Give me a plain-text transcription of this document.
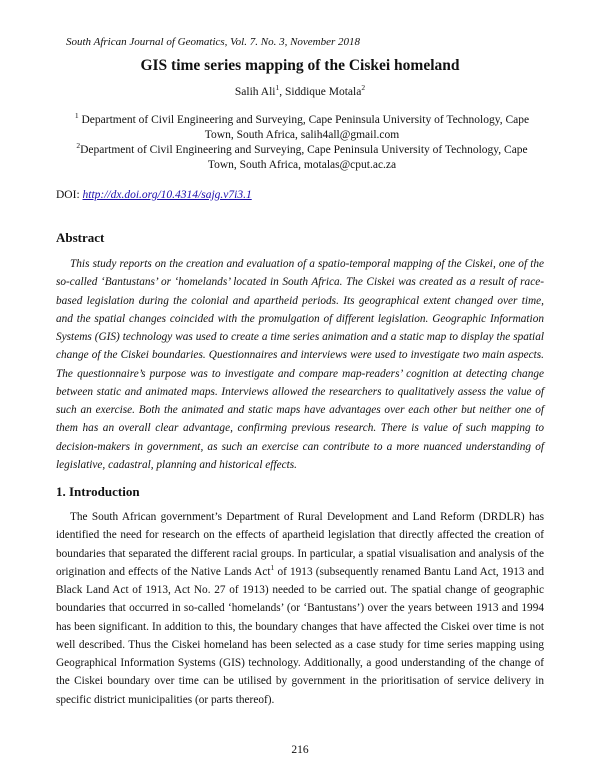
South African Journal of Geomatics, Vol. 7. No. 3, November 2018
GIS time series mapping of the Ciskei homeland
Salih Ali$^1$, Siddique Motala$^2$
$^1$ Department of Civil Engineering and Surveying, Cape Peninsula University of Technology, Cape Town, South Africa, salih4all@gmail.com
$^2$Department of Civil Engineering and Surveying, Cape Peninsula University of Technology, Cape Town, South Africa, motalas@cput.ac.za
DOI: http://dx.doi.org/10.4314/sajg.v7i3.1
Abstract

This study reports on the creation and evaluation of a spatio-temporal mapping of the Ciskei, one of the so-called ‘Bantustans’ or ‘homelands’ located in South Africa. The Ciskei was created as a result of race-based legislation during the colonial and apartheid periods. Its geographical extent changed over time, and the spatial changes coincided with the promulgation of different legislation. Geographic Information Systems (GIS) technology was used to create a time series animation and a static map to display the spatial change of the Ciskei boundaries. Questionnaires and interviews were used to investigate two main aspects. The questionnaire’s purpose was to investigate and compare map-readers’ cognition at detecting change between static and animated maps. Interviews allowed the researchers to qualitatively assess the value of such an exercise. Both the animated and static maps have advantages over each other but neither one of them has an overall clear advantage, confirming previous research. There is value of such mapping to decision-makers in government, as such an exercise can contribute to a more nuanced understanding of legislative, cadastral, planning and historical effects.

1. Introduction

The South African government’s Department of Rural Development and Land Reform (DRDLR) has identified the need for research on the effects of apartheid legislation that directly affected the creation of boundaries that separated the different racial groups. In particular, a spatial visualisation and analysis of the origination and effects of the Native Lands Act$^1$ of 1913 (subsequently renamed Bantu Land Act, 1913 and Black Land Act of 1913, Act No. 27 of 1913) needed to be carried out. The spatial change of geographic boundaries that occurred in so-called ‘homelands’ (or ‘Bantustans’) over the years between 1913 and 1994 has been significant. In addition to this, the boundary changes that have affected the Ciskei over time is not well described. Thus the Ciskei homeland has been selected as a case study for time series mapping using Geographical Information Systems (GIS) technology. Additionally, a good understanding of the change of the Ciskei boundary over time can be utilised by government in the prioritisation of service delivery in specific district municipalities (or parts thereof).

216
